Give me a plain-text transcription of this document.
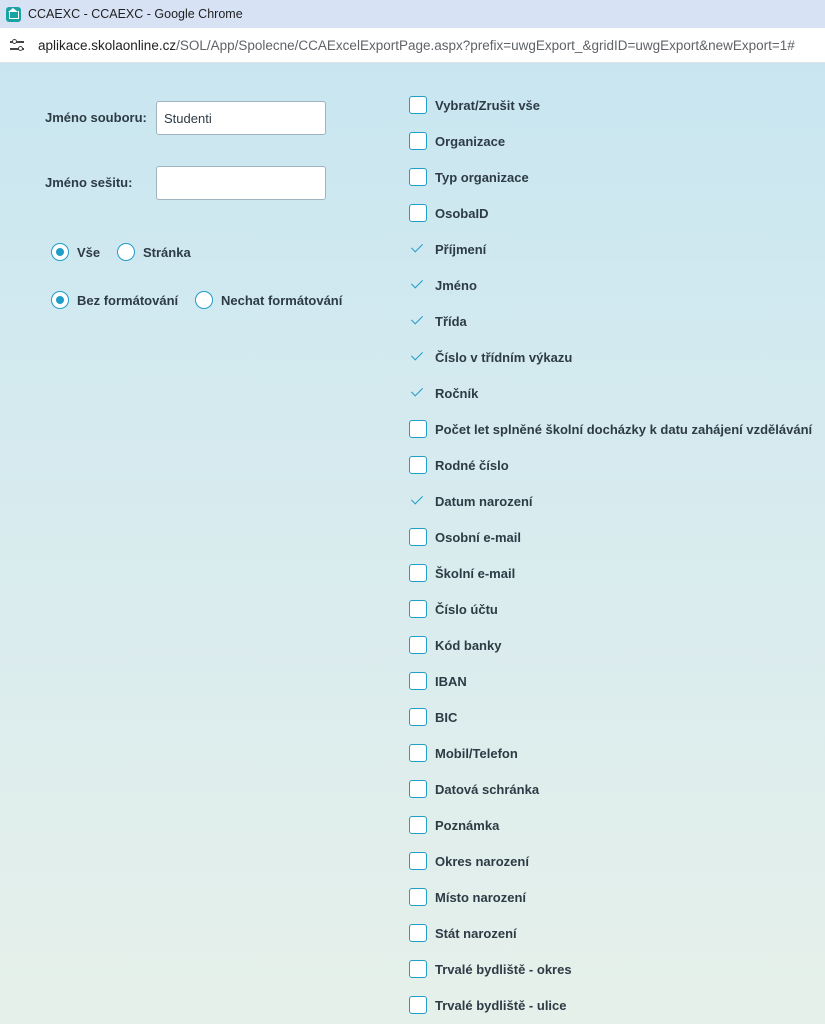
CCAEXC - CCAEXC - Google Chrome
aplikace.skolaonline.cz/SOL/App/Spolecne/CCAExcelExportPage.aspx?prefix=uwgExport_&gridID=uwgExport&newExport=1#
Jméno souboru:
Studenti
Jméno sešitu:
Vše	Stránka
Bez formátování	Nechat formátování
Vybrat/Zrušit vše
Organizace
Typ organizace
OsobaID
Příjmení
Jméno
Třída
Číslo v třídním výkazu
Ročník
Počet let splněné školní docházky k datu zahájení vzdělávání
Rodné číslo
Datum narození
Osobní e-mail
Školní e-mail
Číslo účtu
Kód banky
IBAN
BIC
Mobil/Telefon
Datová schránka
Poznámka
Okres narození
Místo narození
Stát narození
Trvalé bydliště - okres
Trvalé bydliště - ulice
